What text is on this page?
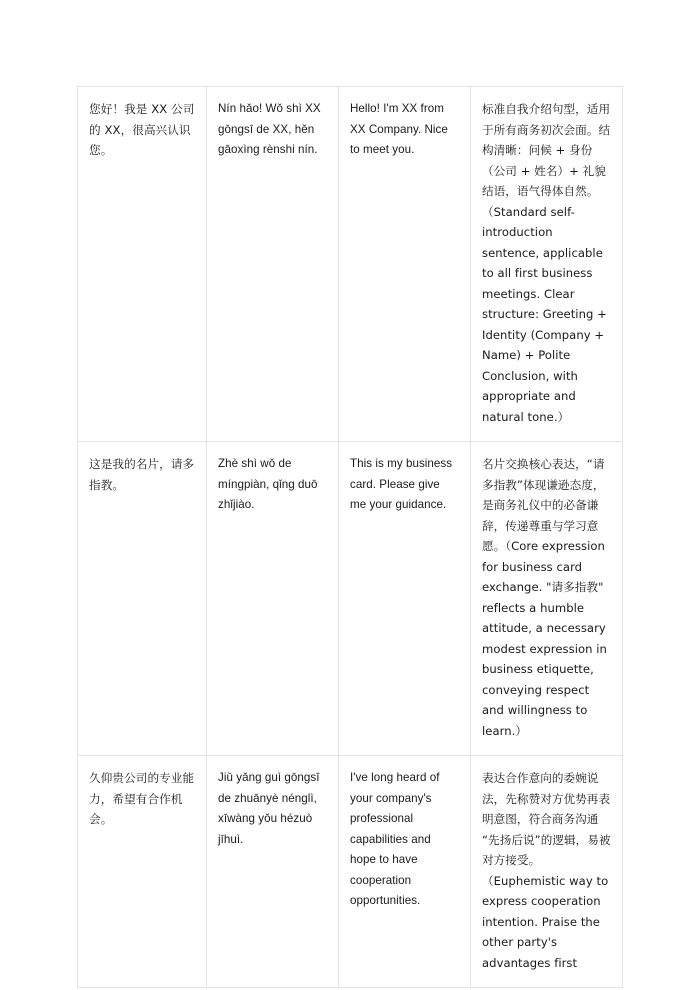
您好！我是 XX 公司的 XX，很高兴认识您。	Nín hǎo! Wǒ shì XX gōngsī de XX, hěn gāoxìng rènshi nín.	Hello! I'm XX from XX Company. Nice to meet you.	标准自我介绍句型，适用于所有商务初次会面。结构清晰：问候 + 身份（公司 + 姓名）+ 礼貌结语，语气得体自然。（Standard self-introduction sentence, applicable to all first business meetings. Clear structure: Greeting + Identity (Company + Name) + Polite Conclusion, with appropriate and natural tone.）

这是我的名片，请多指教。	Zhè shì wǒ de míngpiàn, qǐng duō zhǐjiào.	This is my business card. Please give me your guidance.	名片交换核心表达，“请多指教”体现谦逊态度，是商务礼仪中的必备谦辞，传递尊重与学习意愿。（Core expression for business card exchange. "请多指教" reflects a humble attitude, a necessary modest expression in business etiquette, conveying respect and willingness to learn.）

久仰贵公司的专业能力，希望有合作机会。	Jiǔ yǎng guì gōngsī de zhuānyè nénglì, xīwàng yǒu hézuò jīhuì.	I've long heard of your company's professional capabilities and hope to have cooperation opportunities.	表达合作意向的委婉说法，先称赞对方优势再表明意图，符合商务沟通“先扬后说”的逻辑，易被对方接受。（Euphemistic way to express cooperation intention. Praise the other party's advantages first
